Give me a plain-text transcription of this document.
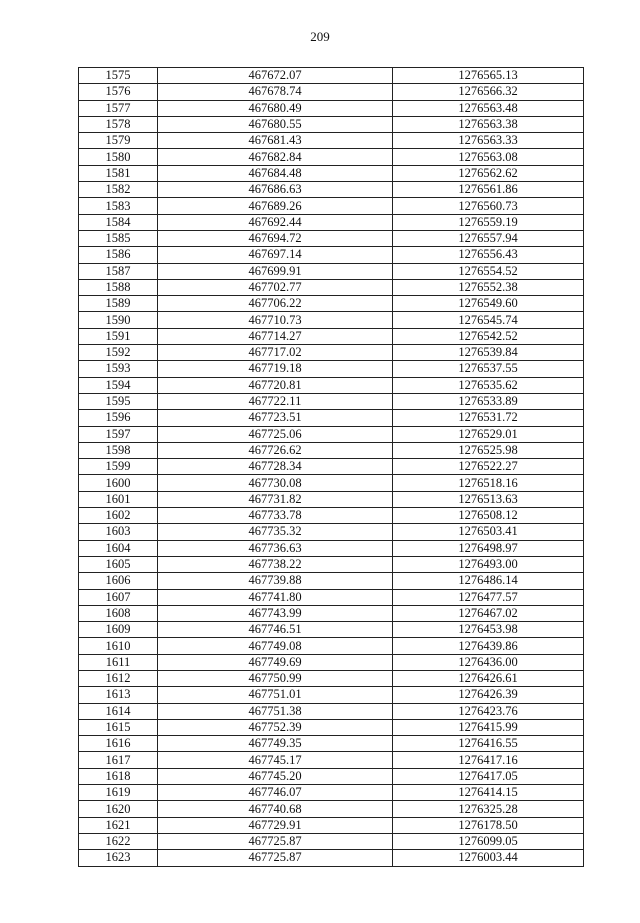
209
1575	467672.07	1276565.13
1576	467678.74	1276566.32
1577	467680.49	1276563.48
1578	467680.55	1276563.38
1579	467681.43	1276563.33
1580	467682.84	1276563.08
1581	467684.48	1276562.62
1582	467686.63	1276561.86
1583	467689.26	1276560.73
1584	467692.44	1276559.19
1585	467694.72	1276557.94
1586	467697.14	1276556.43
1587	467699.91	1276554.52
1588	467702.77	1276552.38
1589	467706.22	1276549.60
1590	467710.73	1276545.74
1591	467714.27	1276542.52
1592	467717.02	1276539.84
1593	467719.18	1276537.55
1594	467720.81	1276535.62
1595	467722.11	1276533.89
1596	467723.51	1276531.72
1597	467725.06	1276529.01
1598	467726.62	1276525.98
1599	467728.34	1276522.27
1600	467730.08	1276518.16
1601	467731.82	1276513.63
1602	467733.78	1276508.12
1603	467735.32	1276503.41
1604	467736.63	1276498.97
1605	467738.22	1276493.00
1606	467739.88	1276486.14
1607	467741.80	1276477.57
1608	467743.99	1276467.02
1609	467746.51	1276453.98
1610	467749.08	1276439.86
1611	467749.69	1276436.00
1612	467750.99	1276426.61
1613	467751.01	1276426.39
1614	467751.38	1276423.76
1615	467752.39	1276415.99
1616	467749.35	1276416.55
1617	467745.17	1276417.16
1618	467745.20	1276417.05
1619	467746.07	1276414.15
1620	467740.68	1276325.28
1621	467729.91	1276178.50
1622	467725.87	1276099.05
1623	467725.87	1276003.44
